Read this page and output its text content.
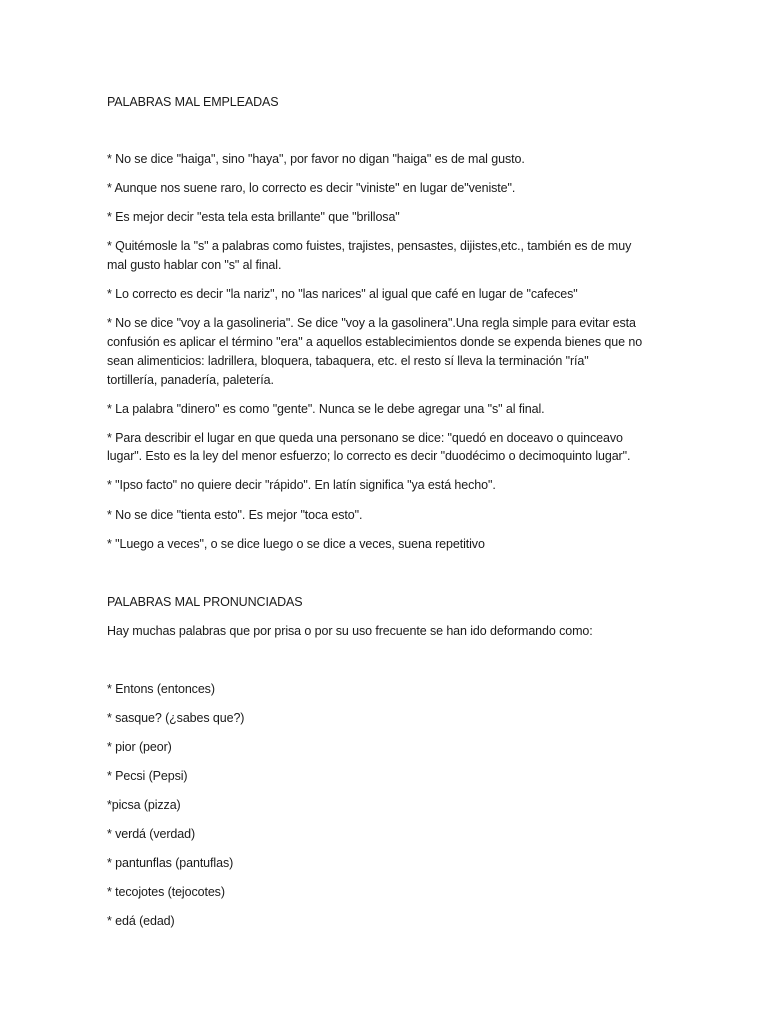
PALABRAS MAL EMPLEADAS
* No se dice "haiga", sino "haya", por favor no digan "haiga" es de mal gusto.
* Aunque nos suene raro, lo correcto es decir "viniste" en lugar de"veniste".
* Es mejor decir "esta tela esta brillante" que "brillosa"
* Quitémosle la "s" a palabras como fuistes, trajistes, pensastes, dijistes,etc., también es de muy
mal gusto hablar con "s" al final.
* Lo correcto es decir "la nariz", no "las narices" al igual que café en lugar de "cafeces"
* No se dice "voy a la gasolineria". Se dice "voy a la gasolinera".Una regla simple para evitar esta
confusión es aplicar el término "era" a aquellos establecimientos donde se expenda bienes que no
sean alimenticios: ladrillera, bloquera, tabaquera, etc. el resto sí lleva la terminación "ría"
tortillería, panadería, paletería.
* La palabra "dinero" es como "gente". Nunca se le debe agregar una "s" al final.
* Para describir el lugar en que queda una personano se dice: "quedó en doceavo o quinceavo
lugar". Esto es la ley del menor esfuerzo; lo correcto es decir "duodécimo o decimoquinto lugar".
* "Ipso facto" no quiere decir "rápido". En latín significa "ya está hecho".
* No se dice "tienta esto". Es mejor "toca esto".
* "Luego a veces", o se dice luego o se dice a veces, suena repetitivo
PALABRAS MAL PRONUNCIADAS
Hay muchas palabras que por prisa o por su uso frecuente se han ido deformando como:
* Entons (entonces)
* sasque? (¿sabes que?)
* pior (peor)
* Pecsi (Pepsi)
*picsa (pizza)
* verdá (verdad)
* pantunflas (pantuflas)
* tecojotes (tejocotes)
* edá (edad)
